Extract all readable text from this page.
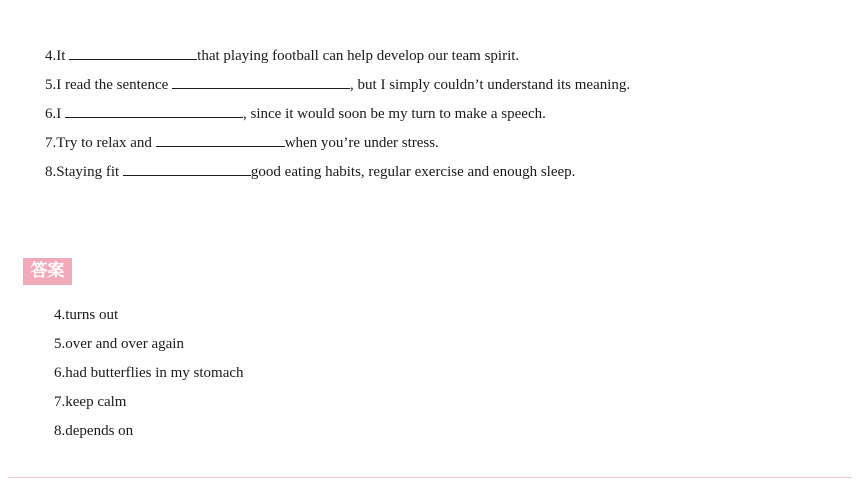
4.It	that playing football can help develop our team spirit.
5.I read the sentence	, but I simply couldn’t understand its meaning.
6.I	, since it would soon be my turn to make a speech.
7.Try to relax and	when you’re under stress.
8.Staying fit	good eating habits, regular exercise and enough sleep.
答案
4.turns out
5.over and over again
6.had butterflies in my stomach
7.keep calm
8.depends on
